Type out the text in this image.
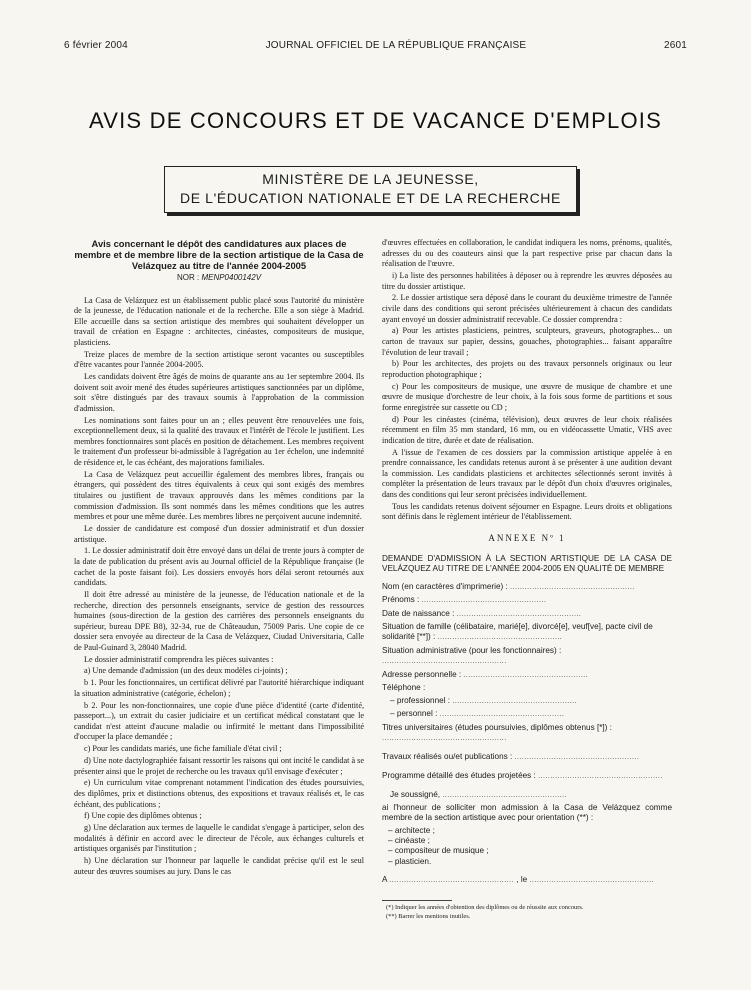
6 février 2004	JOURNAL OFFICIEL DE LA RÉPUBLIQUE FRANÇAISE	2601
AVIS DE CONCOURS ET DE VACANCE D'EMPLOIS
MINISTÈRE DE LA JEUNESSE,
DE L'ÉDUCATION NATIONALE ET DE LA RECHERCHE
Avis concernant le dépôt des candidatures aux places de membre et de membre libre de la section artistique de la Casa de Velázquez au titre de l'année 2004-2005
NOR : MENP0400142V

La Casa de Velázquez est un établissement public placé sous l'autorité du ministère de la jeunesse, de l'éducation nationale et de la recherche. Elle a son siège à Madrid. Elle accueille dans sa section artistique des membres qui souhaitent développer un travail de création en Espagne : architectes, cinéastes, compositeurs de musique, plasticiens.

Treize places de membre de la section artistique seront vacantes ou susceptibles d'être vacantes pour l'année 2004-2005.

Les candidats doivent être âgés de moins de quarante ans au 1er septembre 2004. Ils doivent soit avoir mené des études supérieures artistiques sanctionnées par un diplôme, soit s'être distingués par des travaux soumis à l'approbation de la commission d'admission.

Les nominations sont faites pour un an ; elles peuvent être renouvelées une fois, exceptionnellement deux, si la qualité des travaux et l'intérêt de l'école le justifient. Les membres fonctionnaires sont placés en position de détachement. Les membres reçoivent le traitement d'un professeur bi-admissible à l'agrégation au 1er échelon, une indemnité de résidence et, le cas échéant, des majorations familiales.

La Casa de Velázquez peut accueillir également des membres libres, français ou étrangers, qui possèdent des titres équivalents à ceux qui sont exigés des membres titulaires ou justifient de travaux approuvés dans les mêmes conditions par la commission d'admission. Ils sont nommés dans les mêmes conditions que les autres membres et pour une même durée. Les membres libres ne perçoivent aucune indemnité.

Le dossier de candidature est composé d'un dossier administratif et d'un dossier artistique.

1. Le dossier administratif doit être envoyé dans un délai de trente jours à compter de la date de publication du présent avis au Journal officiel de la République française (le cachet de la poste faisant foi). Les dossiers envoyés hors délai seront retournés aux candidats.

Il doit être adressé au ministère de la jeunesse, de l'éducation nationale et de la recherche, direction des personnels enseignants, service de gestion des ressources humaines (sous-direction de la gestion des carrières des personnels enseignants du supérieur, bureau DPE B8), 32-34, rue de Châteaudun, 75009 Paris. Une copie de ce dossier sera envoyée au directeur de la Casa de Velázquez, Ciudad Universitaria, Calle de Paul-Guinard 3, 28040 Madrid.

Le dossier administratif comprendra les pièces suivantes :

a) Une demande d'admission (un des deux modèles ci-joints) ;

b 1. Pour les fonctionnaires, un certificat délivré par l'autorité hiérarchique indiquant la situation administrative (catégorie, échelon) ;

b 2. Pour les non-fonctionnaires, une copie d'une pièce d'identité (carte d'identité, passeport...), un extrait du casier judiciaire et un certificat médical constatant que le candidat n'est atteint d'aucune maladie ou infirmité le mettant dans l'impossibilité d'occuper la place demandée ;

c) Pour les candidats mariés, une fiche familiale d'état civil ;

d) Une note dactylographiée faisant ressortir les raisons qui ont incité le candidat à se présenter ainsi que le projet de recherche ou les travaux qu'il envisage d'exécuter ;

e) Un curriculum vitae comprenant notamment l'indication des études poursuivies, des diplômes, prix et distinctions obtenus, des expositions et travaux réalisés et, le cas échéant, des publications ;

f) Une copie des diplômes obtenus ;

g) Une déclaration aux termes de laquelle le candidat s'engage à participer, selon des modalités à définir en accord avec le directeur de l'école, aux échanges culturels et artistiques organisés par l'institution ;

h) Une déclaration sur l'honneur par laquelle le candidat précise qu'il est le seul auteur des œuvres soumises au jury. Dans le cas

d'œuvres effectuées en collaboration, le candidat indiquera les noms, prénoms, qualités, adresses du ou des coauteurs ainsi que la part respective prise par chacun dans la réalisation de l'œuvre.

i) La liste des personnes habilitées à déposer ou à reprendre les œuvres déposées au titre du dossier artistique.

2. Le dossier artistique sera déposé dans le courant du deuxième trimestre de l'année civile dans des conditions qui seront précisées ultérieurement à chacun des candidats ayant envoyé un dossier administratif recevable. Ce dossier comprendra :

a) Pour les artistes plasticiens, peintres, sculpteurs, graveurs, photographes... un carton de travaux sur papier, dessins, gouaches, photographies... faisant apparaître l'évolution de leur travail ;

b) Pour les architectes, des projets ou des travaux personnels originaux ou leur reproduction photographique ;

c) Pour les compositeurs de musique, une œuvre de musique de chambre et une œuvre de musique d'orchestre de leur choix, à la fois sous forme de partitions et sous forme enregistrée sur cassette ou CD ;

d) Pour les cinéastes (cinéma, télévision), deux œuvres de leur choix réalisées récemment en film 35 mm standard, 16 mm, ou en vidéocassette Umatic, VHS avec indication de titre, durée et date de réalisation.

A l'issue de l'examen de ces dossiers par la commission artistique appelée à en prendre connaissance, les candidats retenus auront à se présenter à une audition devant la commission. Les candidats plasticiens et architectes sélectionnés seront invités à compléter la présentation de leurs travaux par le dépôt d'un choix d'œuvres originales, dans des conditions qui leur seront précisées individuellement.

Tous les candidats retenus doivent séjourner en Espagne. Leurs droits et obligations sont définis dans le règlement intérieur de l'établissement.

ANNEXE Nº 1
DEMANDE D'ADMISSION À LA SECTION ARTISTIQUE DE LA CASA DE VELÁZQUEZ AU TITRE DE L'ANNÉE 2004-2005 EN QUALITÉ DE MEMBRE
Nom (en caractères d'imprimerie) : ...................................................
Prénoms : ...................................................
Date de naissance : ...................................................
Situation de famille (célibataire, marié[e], divorcé[e], veuf[ve], pacte civil de solidarité [**]) : ...................................................
Situation administrative (pour les fonctionnaires) : ...................................................
Adresse personnelle : ...................................................
Téléphone :
– professionnel : ...................................................
– personnel : ...................................................
Titres universitaires (études poursuivies, diplômes obtenus [*]) : ...................................................
Travaux réalisés ou/et publications : ...................................................
Programme détaillé des études projetées : ...................................................
Je soussigné, ...................................................
ai l'honneur de solliciter mon admission à la Casa de Velázquez comme membre de la section artistique avec pour orientation (**) :
– architecte ;
– cinéaste ;
– compositeur de musique ;
– plasticien.
A ................................................... , le ...................................................
(*) Indiquer les années d'obtention des diplômes ou de réussite aux concours.
(**) Barrer les mentions inutiles.
